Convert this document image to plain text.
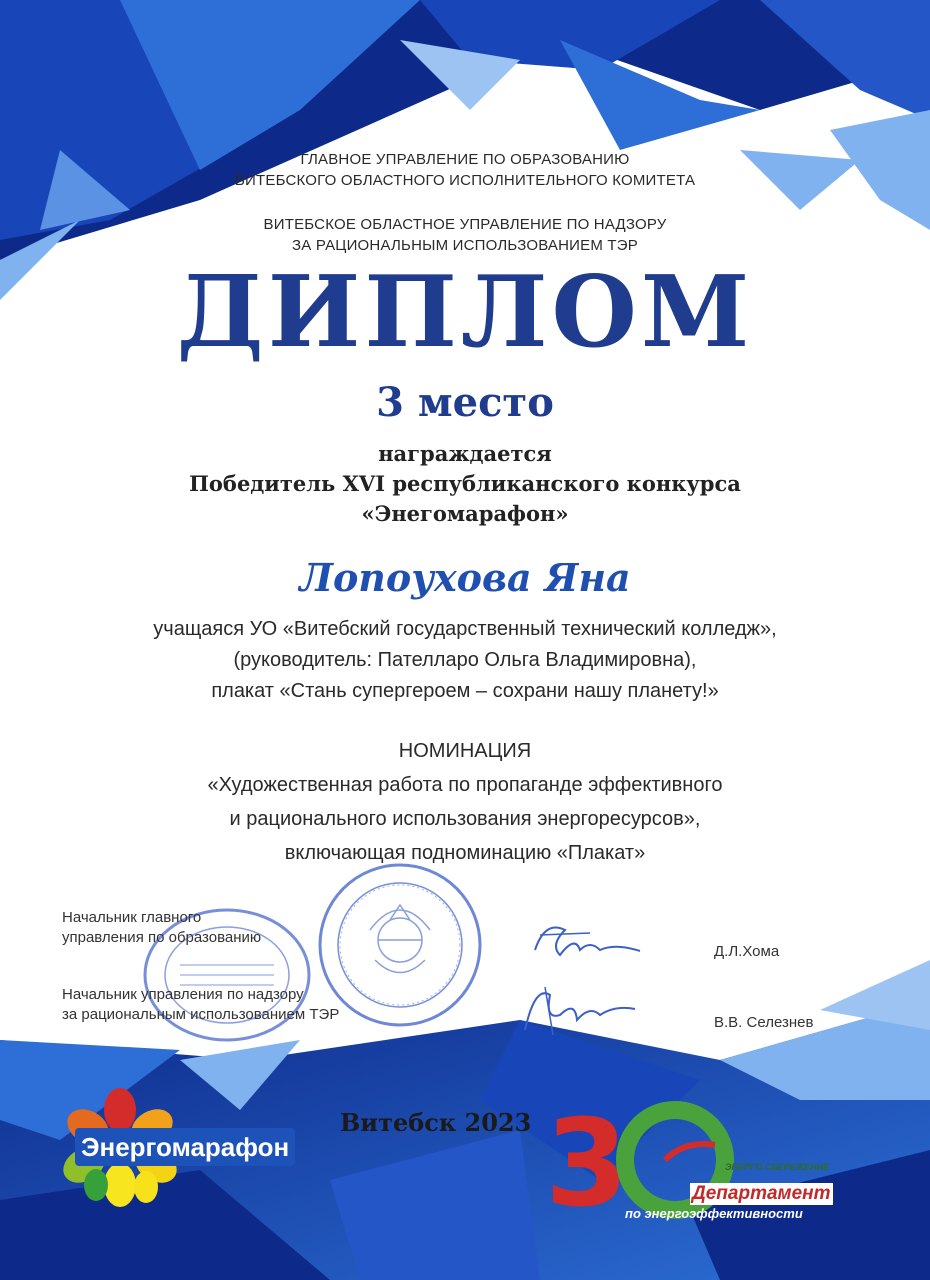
ГЛАВНОЕ УПРАВЛЕНИЕ ПО ОБРАЗОВАНИЮ
ВИТЕБСКОГО ОБЛАСТНОГО ИСПОЛНИТЕЛЬНОГО КОМИТЕТА
ВИТЕБСКОЕ ОБЛАСТНОЕ УПРАВЛЕНИЕ ПО НАДЗОРУ
ЗА РАЦИОНАЛЬНЫМ ИСПОЛЬЗОВАНИЕМ ТЭР
ДИПЛОМ
3 место
награждается
Победитель XVI республиканского конкурса
«Энегомарафон»
Лопоухова Яна
учащаяся УО «Витебский государственный технический колледж»,
(руководитель: Пателларо Ольга Владимировна),
плакат «Стань супергероем – сохрани нашу планету!»
НОМИНАЦИЯ
«Художественная работа по пропаганде эффективного
и рационального использования энергоресурсов»,
включающая подноминацию «Плакат»
Начальник главного
управления по образованию
Д.Л.Хома
Начальник управления по надзору
за рациональным использованием ТЭР	В.В. Селезнев
Витебск 2023
Энергомарафон 3	ЭНЕРГО СБЕРЕЖЕНИЕ
Департамент
по энергоэффективности
